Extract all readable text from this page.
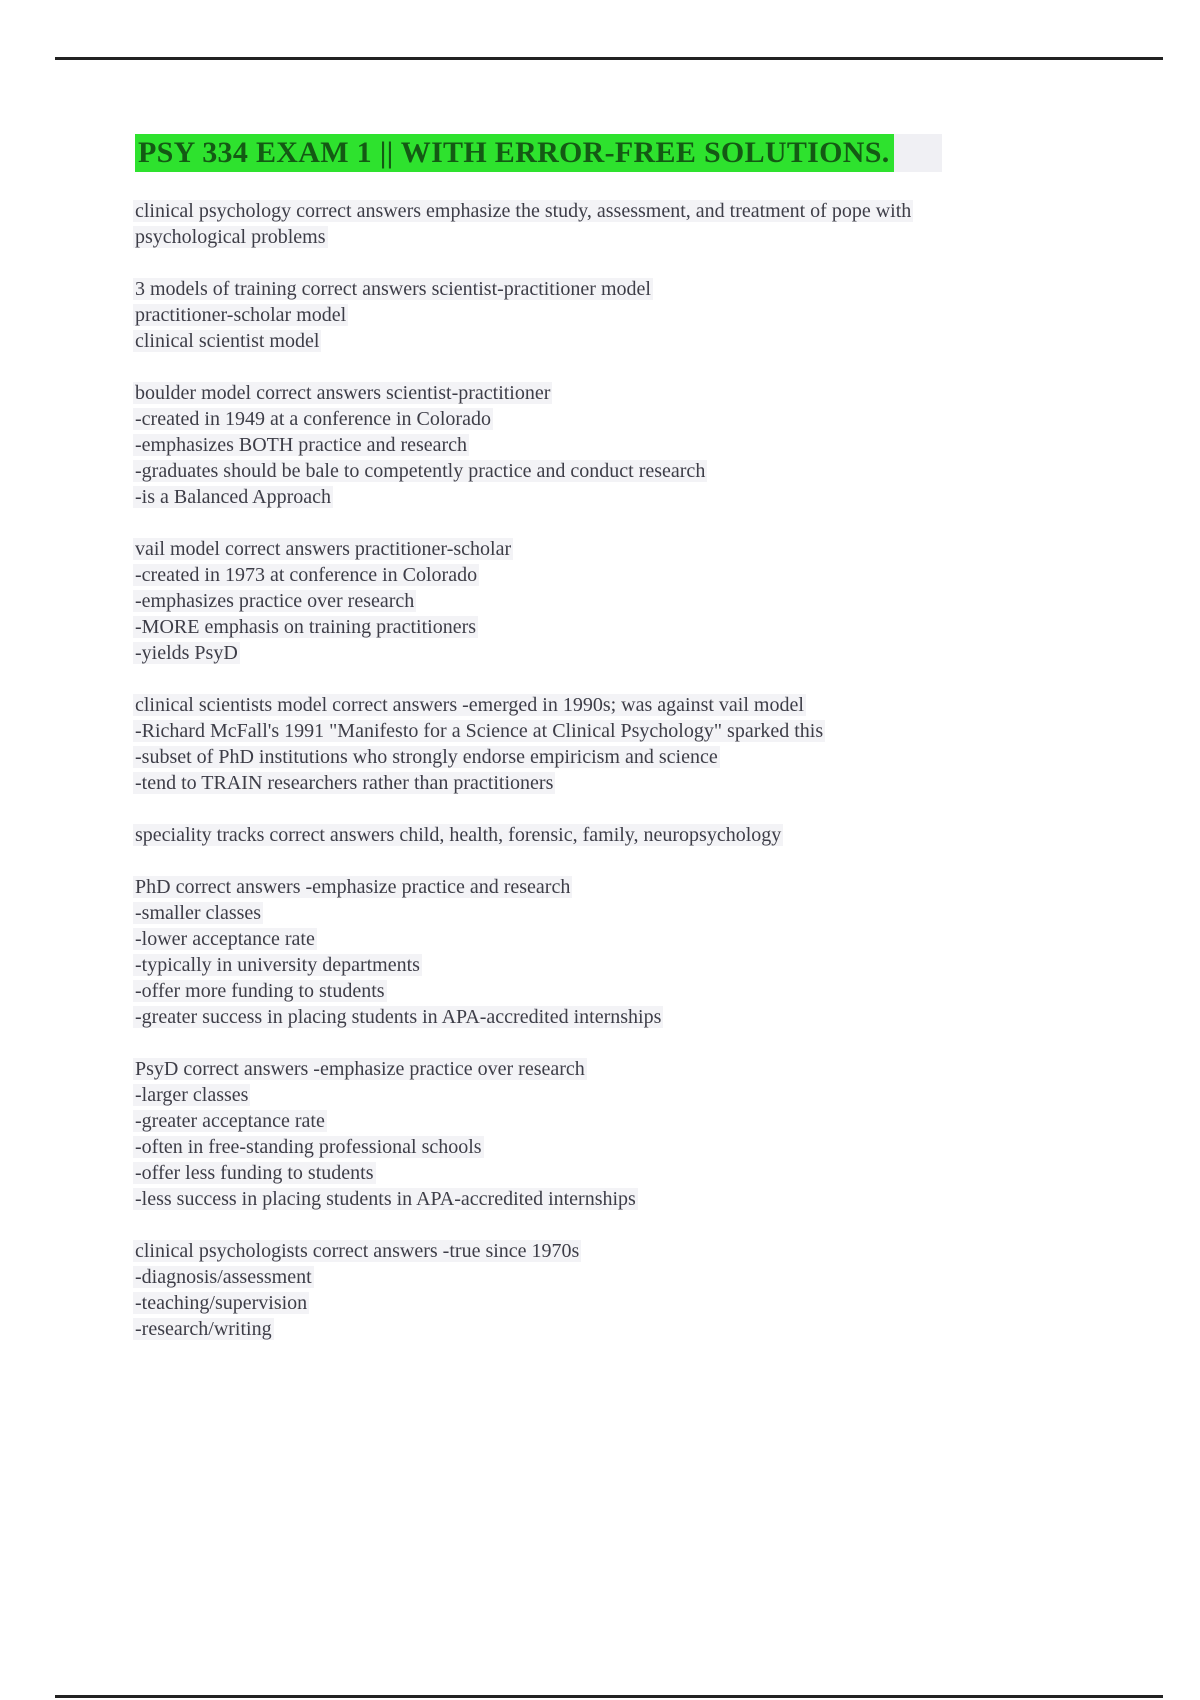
PSY 334 EXAM 1 || WITH ERROR-FREE SOLUTIONS.
clinical psychology correct answers emphasize the study, assessment, and treatment of pope with
psychological problems
3 models of training correct answers scientist-practitioner model
practitioner-scholar model
clinical scientist model
boulder model correct answers scientist-practitioner
-created in 1949 at a conference in Colorado
-emphasizes BOTH practice and research
-graduates should be bale to competently practice and conduct research
-is a Balanced Approach
vail model correct answers practitioner-scholar
-created in 1973 at conference in Colorado
-emphasizes practice over research
-MORE emphasis on training practitioners
-yields PsyD
clinical scientists model correct answers -emerged in 1990s; was against vail model
-Richard McFall's 1991 "Manifesto for a Science at Clinical Psychology" sparked this
-subset of PhD institutions who strongly endorse empiricism and science
-tend to TRAIN researchers rather than practitioners
speciality tracks correct answers child, health, forensic, family, neuropsychology
PhD correct answers -emphasize practice and research
-smaller classes
-lower acceptance rate
-typically in university departments
-offer more funding to students
-greater success in placing students in APA-accredited internships
PsyD correct answers -emphasize practice over research
-larger classes
-greater acceptance rate
-often in free-standing professional schools
-offer less funding to students
-less success in placing students in APA-accredited internships
clinical psychologists correct answers -true since 1970s
-diagnosis/assessment
-teaching/supervision
-research/writing
